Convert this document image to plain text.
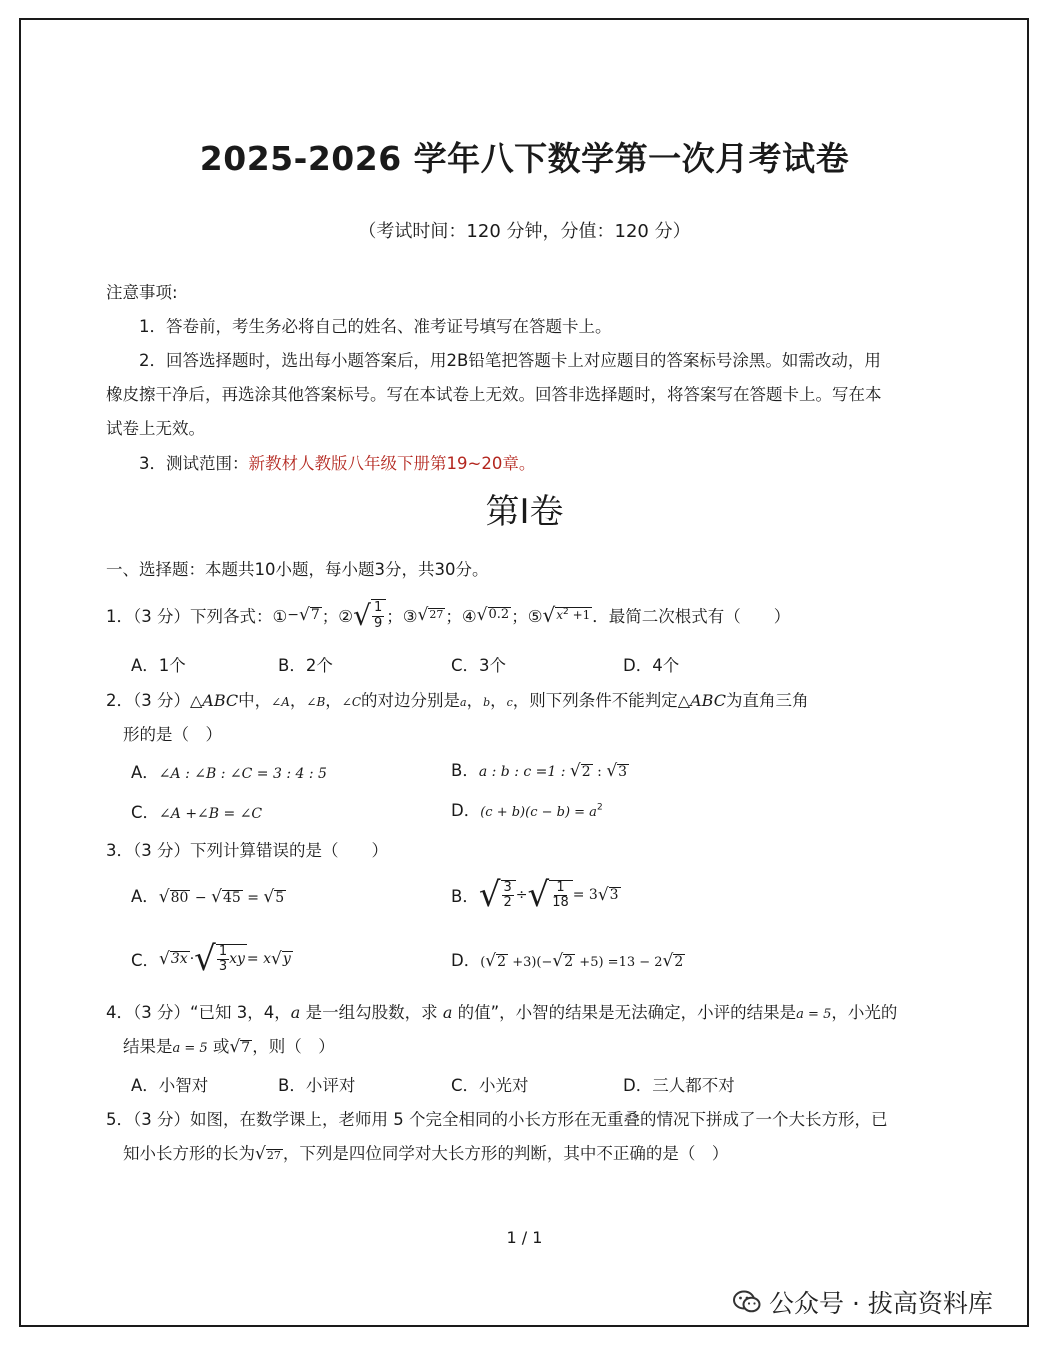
2025-2026 学年八下数学第一次月考试卷
（考试时间：120 分钟，分值：120 分）
注意事项:
1．答卷前，考生务必将自己的姓名、准考证号填写在答题卡上。
2．回答选择题时，选出每小题答案后，用2B铅笔把答题卡上对应题目的答案标号涂黑。如需改动，用
橡皮擦干净后，再选涂其他答案标号。写在本试卷上无效。回答非选择题时，将答案写在答题卡上。写在本
试卷上无效。
3．测试范围：新教材人教版八年级下册第19~20章。
第Ⅰ卷
一、选择题：本题共10小题，每小题3分，共30分。
1．（3 分）下列各式：① − √ 7 ；② √ $\frac{1}{9}$ ；③ √ 27 ；④ √ 0.2 ；⑤ √ $x^2 +1$ ．最简二次根式有（　　）
A．1个	B．2个	C．3个	D．4个
2．（3 分）△ABC中，∠A，∠B，∠C的对边分别是a，b，c，则下列条件不能判定△ABC为直角三角
形的是（　）
A．∠A : ∠B : ∠C = 3 : 4 : 5	B．a : b : c =1 : √2 : √3
C．∠A +∠B = ∠C	D．$(c + b)(c - b) = a^2$
3．（3 分）下列计算错误的是（　　）
A．√80 − √45 = √5	B． √ $\frac{3}{2}$ ÷ √ $\frac{1}{18} = 3$ √ 3
C． √ 3x · √ $\frac{1}{3}$ xy = x √ y	D．(√2 +3)(−√2 +5) =13 − 2√2
4．（3 分）“已知 3，4，a 是一组勾股数，求 a 的值”，小智的结果是无法确定，小评的结果是a = 5，小光的
结果是a = 5 或√7 ，则（　）
A．小智对	B．小评对	C．小光对	D．三人都不对
5．（3 分）如图，在数学课上，老师用 5 个完全相同的小长方形在无重叠的情况下拼成了一个大长方形，已
知小长方形的长为√27 ，下列是四位同学对大长方形的判断，其中不正确的是（　）
1 / 1
公众号 · 拔高资料库
